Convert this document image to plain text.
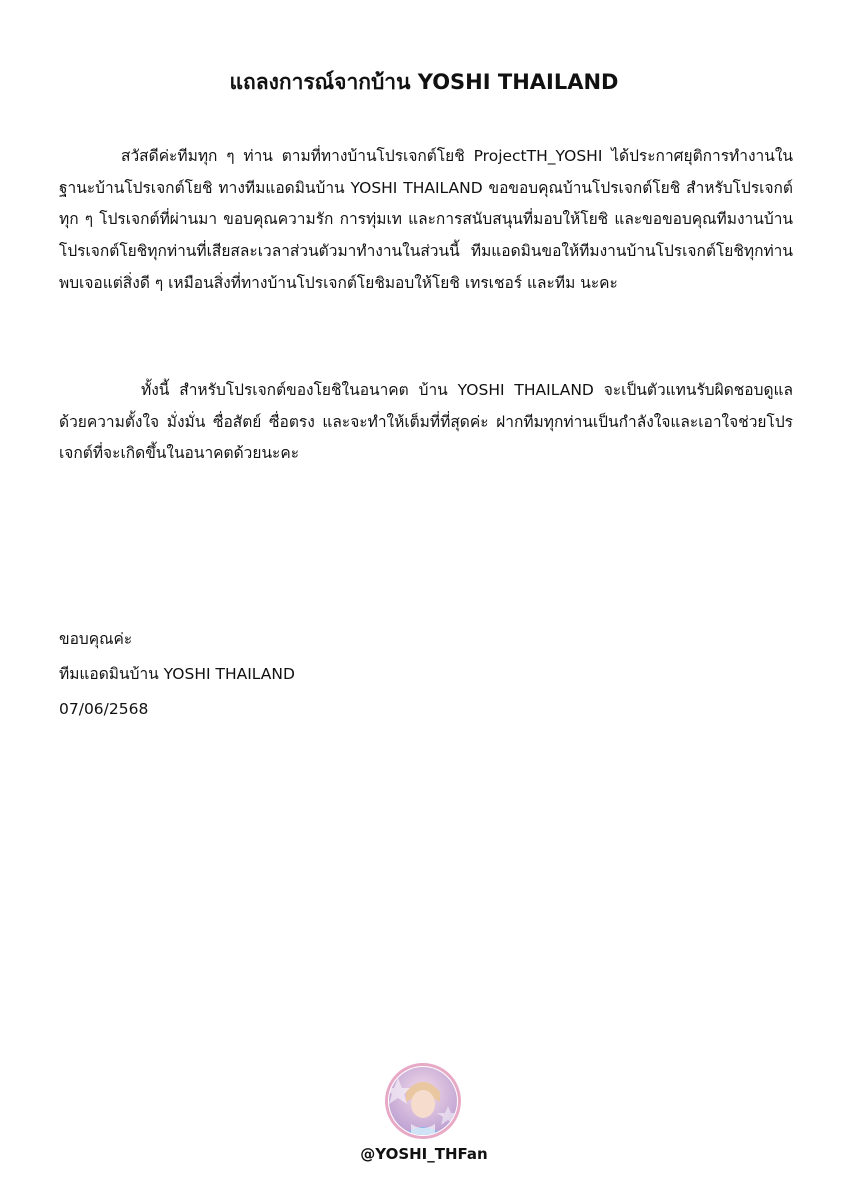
แถลงการณ์จากบ้าน YOSHI THAILAND

สวัสดีค่ะทีมทุก ๆ ท่าน ตามที่ทางบ้านโปรเจกต์โยชิ ProjectTH_YOSHI ได้ประกาศยุติการทำงานในฐานะบ้านโปรเจกต์โยชิ ทางทีมแอดมินบ้าน YOSHI THAILAND ขอขอบคุณบ้านโปรเจกต์โยชิ สำหรับโปรเจกต์ทุก ๆ โปรเจกต์ที่ผ่านมา ขอบคุณความรัก การทุ่มเท และการสนับสนุนที่มอบให้โยชิ และขอขอบคุณทีมงานบ้านโปรเจกต์โยชิทุกท่านที่เสียสละเวลาส่วนตัวมาทำงานในส่วนนี้ ทีมแอดมินขอให้ทีมงานบ้านโปรเจกต์โยชิทุกท่านพบเจอแต่สิ่งดี ๆ เหมือนสิ่งที่ทางบ้านโปรเจกต์โยชิมอบให้โยชิ เทรเชอร์ และทีม นะคะ

ทั้งนี้ สำหรับโปรเจกต์ของโยชิในอนาคต บ้าน YOSHI THAILAND จะเป็นตัวแทนรับผิดชอบดูแลด้วยความตั้งใจ มั่งมั่น ซื่อสัตย์ ซื่อตรง และจะทำให้เต็มที่ที่สุดค่ะ ฝากทีมทุกท่านเป็นกำลังใจและเอาใจช่วยโปรเจกต์ที่จะเกิดขึ้นในอนาคตด้วยนะคะ

ขอบคุณค่ะ
ทีมแอดมินบ้าน YOSHI THAILAND
07/06/2568
@YOSHI_THFan
